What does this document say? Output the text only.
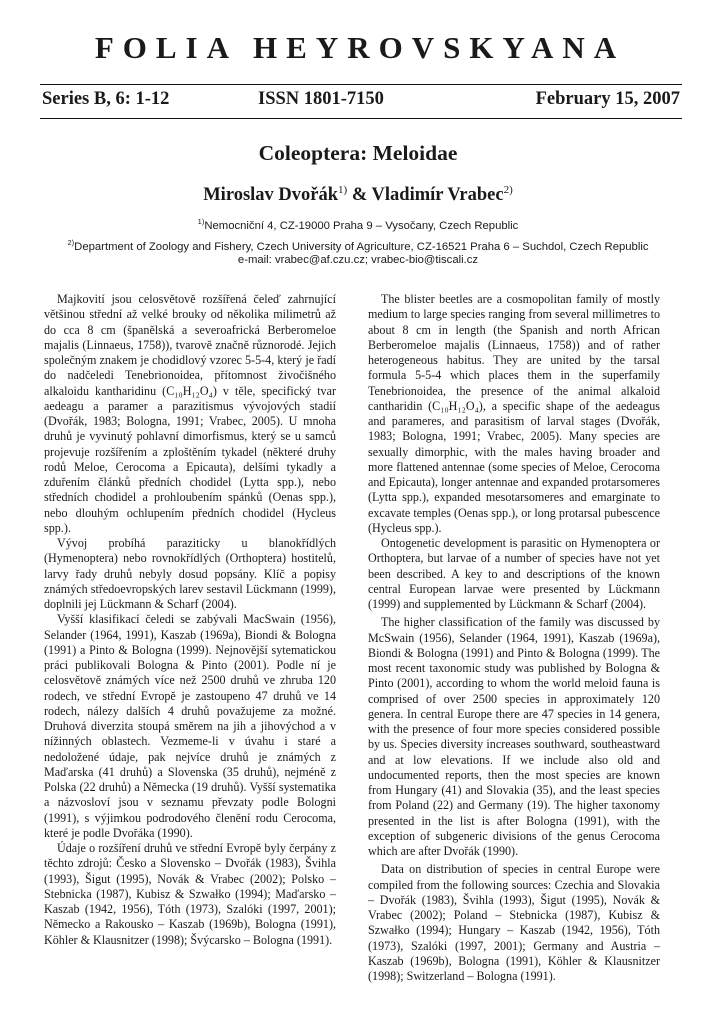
FOLIA HEYROVSKYANA
Series B, 6: 1-12	ISSN 1801-7150	February 15, 2007
Coleoptera: Meloidae
Miroslav Dvořák$^{1)}$ & Vladimír Vrabec$^{2)}$
$^{1)}$Nemocniční 4, CZ-19000 Praha 9 – Vysočany, Czech Republic
$^{2)}$Department of Zoology and Fishery, Czech University of Agriculture, CZ-16521 Praha 6 – Suchdol, Czech Republic
e-mail: vrabec@af.czu.cz; vrabec-bio@tiscali.cz

Majkovití jsou celosvětově rozšířená čeleď zahrnující většinou střední až velké brouky od několika milimetrů až do cca 8 cm (španělská a severoafrická Berberomeloe majalis (Linnaeus, 1758)), tvarově značně různorodé. Jejich společným znakem je chodidlový vzorec 5-5-4, který je řadí do nadčeledi Tenebrionoidea, přítomnost živočišného alkaloidu kantharidinu (C₁₀H₁₂O₄) v těle, specifický tvar aedeagu a paramer a parazitismus vývojových stadií (Dvořák, 1983; Bologna, 1991; Vrabec, 2005). U mnoha druhů je vyvinutý pohlavní dimorfismus, který se u samců projevuje rozšířením a zploštěním tykadel (některé druhy rodů Meloe, Cerocoma a Epicauta), delšími tykadly a zduřením článků předních chodidel (Lytta spp.), nebo středních chodidel a prohloubením spánků (Oenas spp.), nebo dlouhým ochlupením předních chodidel (Hycleus spp.).

Vývoj probíhá paraziticky u blanokřídlých (Hymenoptera) nebo rovnokřídlých (Orthoptera) hostitelů, larvy řady druhů nebyly dosud popsány. Klíč a popisy známých středoevropských larev sestavil Lückmann (1999), doplnili jej Lückmann & Scharf (2004).

Vyšší klasifikací čeledi se zabývali MacSwain (1956), Selander (1964, 1991), Kaszab (1969a), Biondi & Bologna (1991) a Pinto & Bologna (1999). Nejnovější sytematickou práci publikovali Bologna & Pinto (2001). Podle ní je celosvětově známých více než 2500 druhů ve zhruba 120 rodech, ve střední Evropě je zastoupeno 47 druhů ve 14 rodech, nálezy dalších 4 druhů považujeme za možné. Druhová diverzita stoupá směrem na jih a jihovýchod a v nížinných oblastech. Vezmeme-li v úvahu i staré a nedoložené údaje, pak nejvíce druhů je známých z Maďarska (41 druhů) a Slovenska (35 druhů), nejméně z Polska (22 druhů) a Německa (19 druhů). Vyšší systematika a názvosloví jsou v seznamu převzaty podle Bologni (1991), s výjimkou podrodového členění rodu Cerocoma, které je podle Dvořáka (1990).

Údaje o rozšíření druhů ve střední Evropě byly čerpány z těchto zdrojů: Česko a Slovensko – Dvořák (1983), Švihla (1993), Šigut (1995), Novák & Vrabec (2002); Polsko – Stebnicka (1987), Kubisz & Szwałko (1994); Maďarsko – Kaszab (1942, 1956), Tóth (1973), Szalóki (1997, 2001); Německo a Rakousko – Kaszab (1969b), Bologna (1991), Köhler & Klausnitzer (1998); Švýcarsko – Bologna (1991).

The blister beetles are a cosmopolitan family of mostly medium to large species ranging from several millimetres to about 8 cm in length (the Spanish and north African Berberomeloe majalis (Linnaeus, 1758)) and of rather heterogeneous habitus. They are united by the tarsal formula 5-5-4 which places them in the superfamily Tenebrionoidea, the presence of the animal alkaloid cantharidin (C₁₀H₁₂O₄), a specific shape of the aedeagus and parameres, and parasitism of larval stages (Dvořák, 1983; Bologna, 1991; Vrabec, 2005). Many species are sexually dimorphic, with the males having broader and more flattened antennae (some species of Meloe, Cerocoma and Epicauta), longer antennae and expanded protarsomeres (Lytta spp.), expanded mesotarsomeres and emarginate to excavate temples (Oenas spp.), or long protarsal pubescence (Hycleus spp.).

Ontogenetic development is parasitic on Hymenoptera or Orthoptera, but larvae of a number of species have not yet been described. A key to and descriptions of the known central European larvae were presented by Lückmann (1999) and supplemented by Lückmann & Scharf (2004).

The higher classification of the family was discussed by McSwain (1956), Selander (1964, 1991), Kaszab (1969a), Biondi & Bologna (1991) and Pinto & Bologna (1999). The most recent taxonomic study was published by Bologna & Pinto (2001), according to whom the world meloid fauna is comprised of over 2500 species in approximately 120 genera. In central Europe there are 47 species in 14 genera, with the presence of four more species considered possible by us. Species diversity increases southward, southeastward and at low elevations. If we include also old and undocumented reports, then the most species are known from Hungary (41) and Slovakia (35), and the least species from Poland (22) and Germany (19). The higher taxonomy presented in the list is after Bologna (1991), with the exception of subgeneric divisions of the genus Cerocoma which are after Dvořák (1990).

Data on distribution of species in central Europe were compiled from the following sources: Czechia and Slovakia – Dvořák (1983), Švihla (1993), Šigut (1995), Novák & Vrabec (2002); Poland – Stebnicka (1987), Kubisz & Szwałko (1994); Hungary – Kaszab (1942, 1956), Tóth (1973), Szalóki (1997, 2001); Germany and Austria – Kaszab (1969b), Bologna (1991), Köhler & Klausnitzer (1998); Switzerland – Bologna (1991).
